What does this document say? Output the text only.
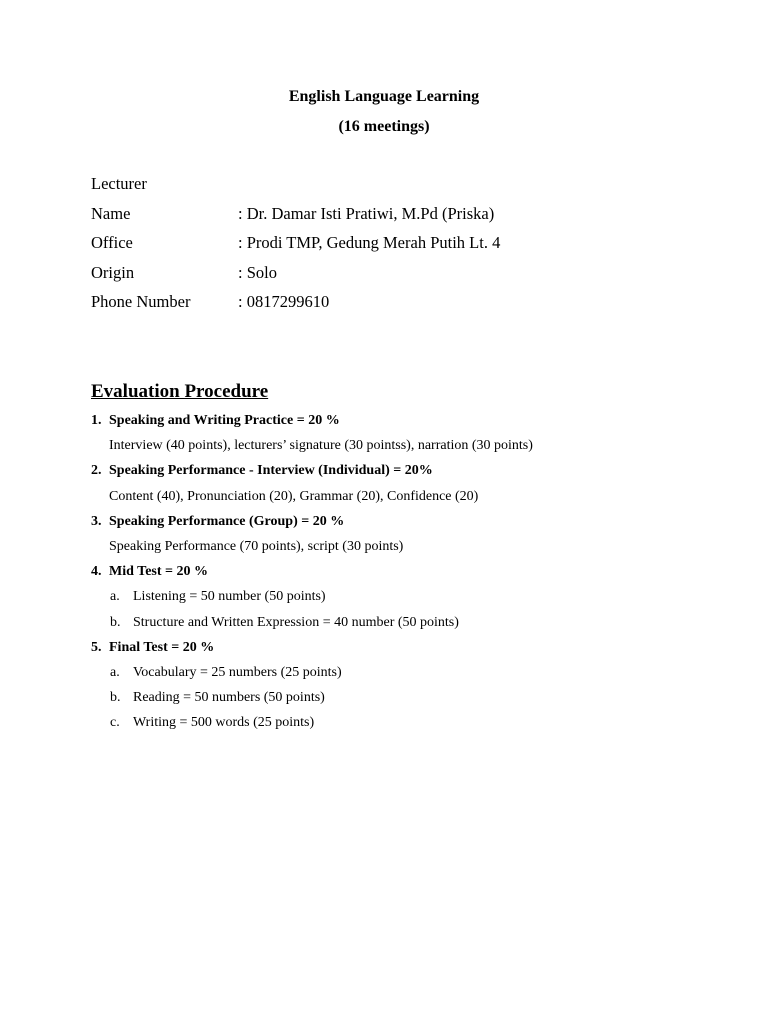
English Language Learning
(16 meetings)
Lecturer
Name	: Dr. Damar Isti Pratiwi, M.Pd (Priska)
Office	: Prodi TMP, Gedung Merah Putih Lt. 4
Origin	: Solo
Phone Number	: 0817299610
Evaluation Procedure
1. Speaking and Writing Practice = 20 %
Interview (40 points), lecturers’ signature (30 pointss), narration (30 points)
2. Speaking Performance - Interview (Individual) = 20%
Content (40), Pronunciation (20), Grammar (20), Confidence (20)
3. Speaking Performance (Group) = 20 %
Speaking Performance (70 points), script (30 points)
4. Mid Test = 20 %
a. Listening = 50 number (50 points)
b. Structure and Written Expression = 40 number (50 points)
5. Final Test = 20 %
a. Vocabulary = 25 numbers (25 points)
b. Reading = 50 numbers (50 points)
c. Writing = 500 words (25 points)
